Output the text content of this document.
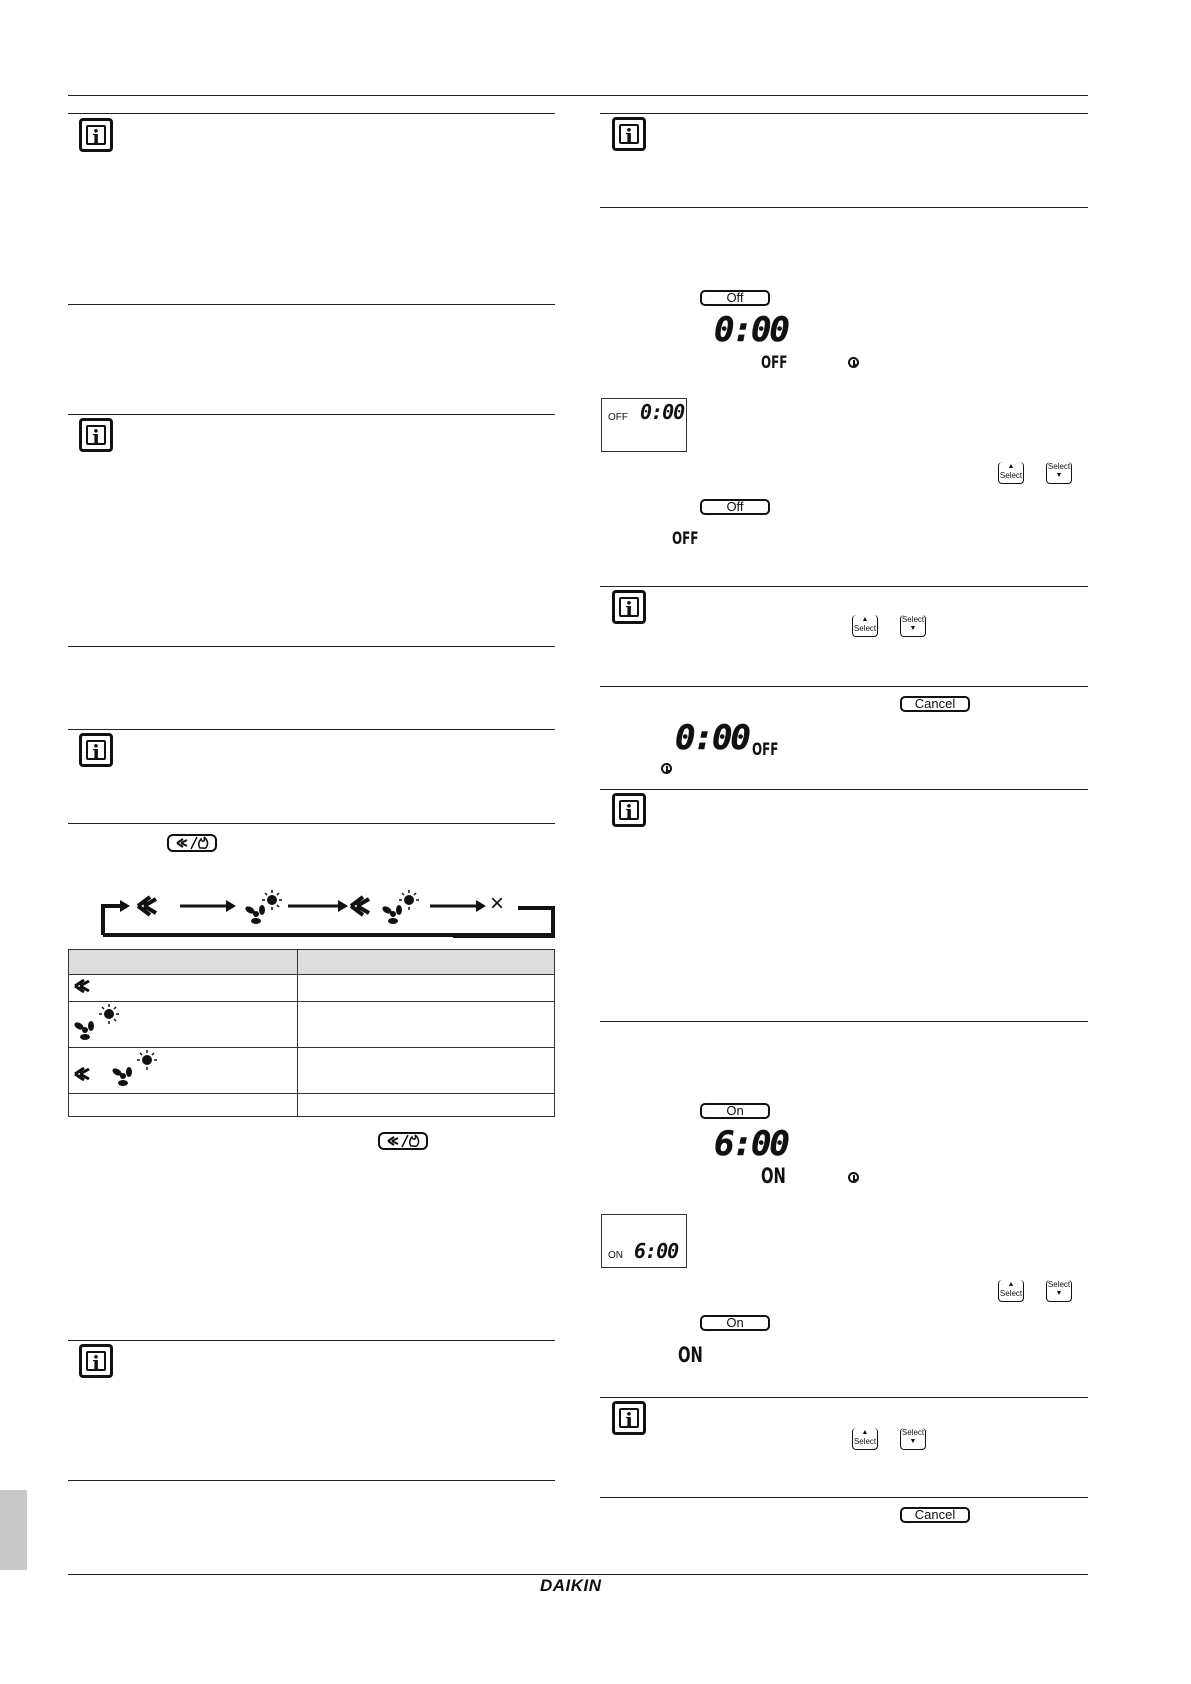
i
i
i
×

i
i
Off
0:00
OFF
OFF 0:00
▲
Select
Select
▼
Off
OFF
i	▲
Select
Select
▼
Cancel
0:00 OFF
i
On
6:00
ON
ON 6:00
▲
Select
Select
▼
On
ON
i
▲
Select
Select
▼
Cancel
DAIKIN
